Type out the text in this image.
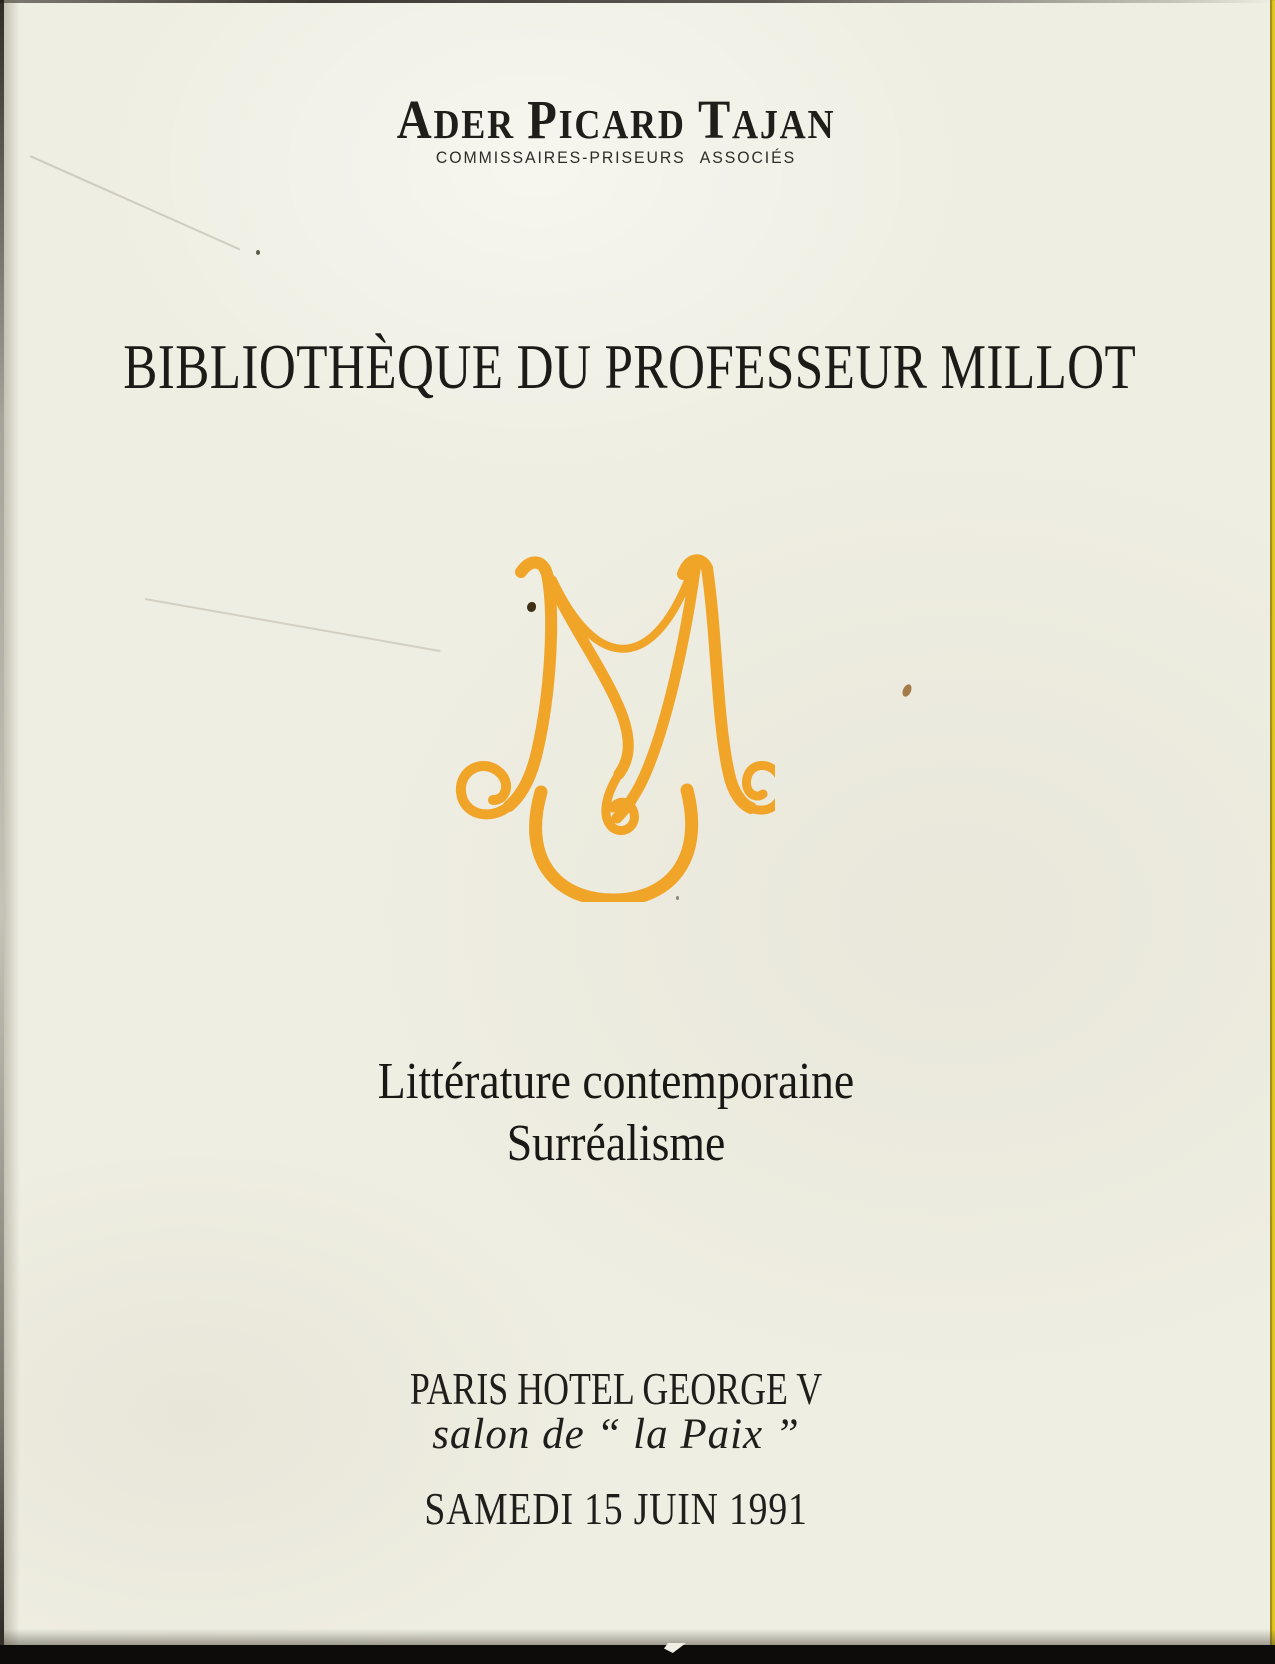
ADER PICARD TAJAN
COMMISSAIRES-PRISEURS ASSOCIÉS
BIBLIOTHÈQUE DU PROFESSEUR MILLOT
Littérature contemporaine
Surréalisme
PARIS HOTEL GEORGE V
salon de “ la Paix ”
SAMEDI 15 JUIN 1991
